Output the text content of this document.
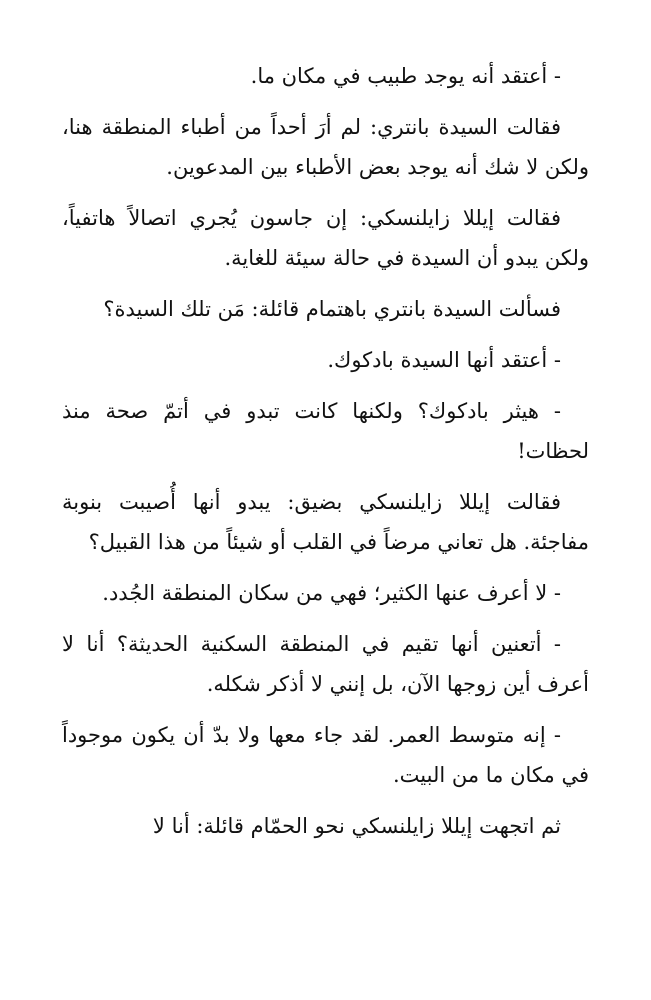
- أعتقد أنه يوجد طبيب في مكان ما.

فقالت السيدة بانتري: لم أرَ أحداً من أطباء المنطقة هنا، ولكن لا شك أنه يوجد بعض الأطباء بين المدعوين.

فقالت إيللا زايلنسكي: إن جاسون يُجري اتصالاً هاتفياً، ولكن يبدو أن السيدة في حالة سيئة للغاية.

فسألت السيدة بانتري باهتمام قائلة: مَن تلك السيدة؟

- أعتقد أنها السيدة بادكوك.

- هيثر بادكوك؟ ولكنها كانت تبدو في أتمّ صحة منذ لحظات!

فقالت إيللا زايلنسكي بضيق: يبدو أنها أُصيبت بنوبة مفاجئة. هل تعاني مرضاً في القلب أو شيئاً من هذا القبيل؟

- لا أعرف عنها الكثير؛ فهي من سكان المنطقة الجُدد.

- أتعنين أنها تقيم في المنطقة السكنية الحديثة؟ أنا لا أعرف أين زوجها الآن، بل إنني لا أذكر شكله.

- إنه متوسط العمر. لقد جاء معها ولا بدّ أن يكون موجوداً في مكان ما من البيت.

ثم اتجهت إيللا زايلنسكي نحو الحمّام قائلة: أنا لا
